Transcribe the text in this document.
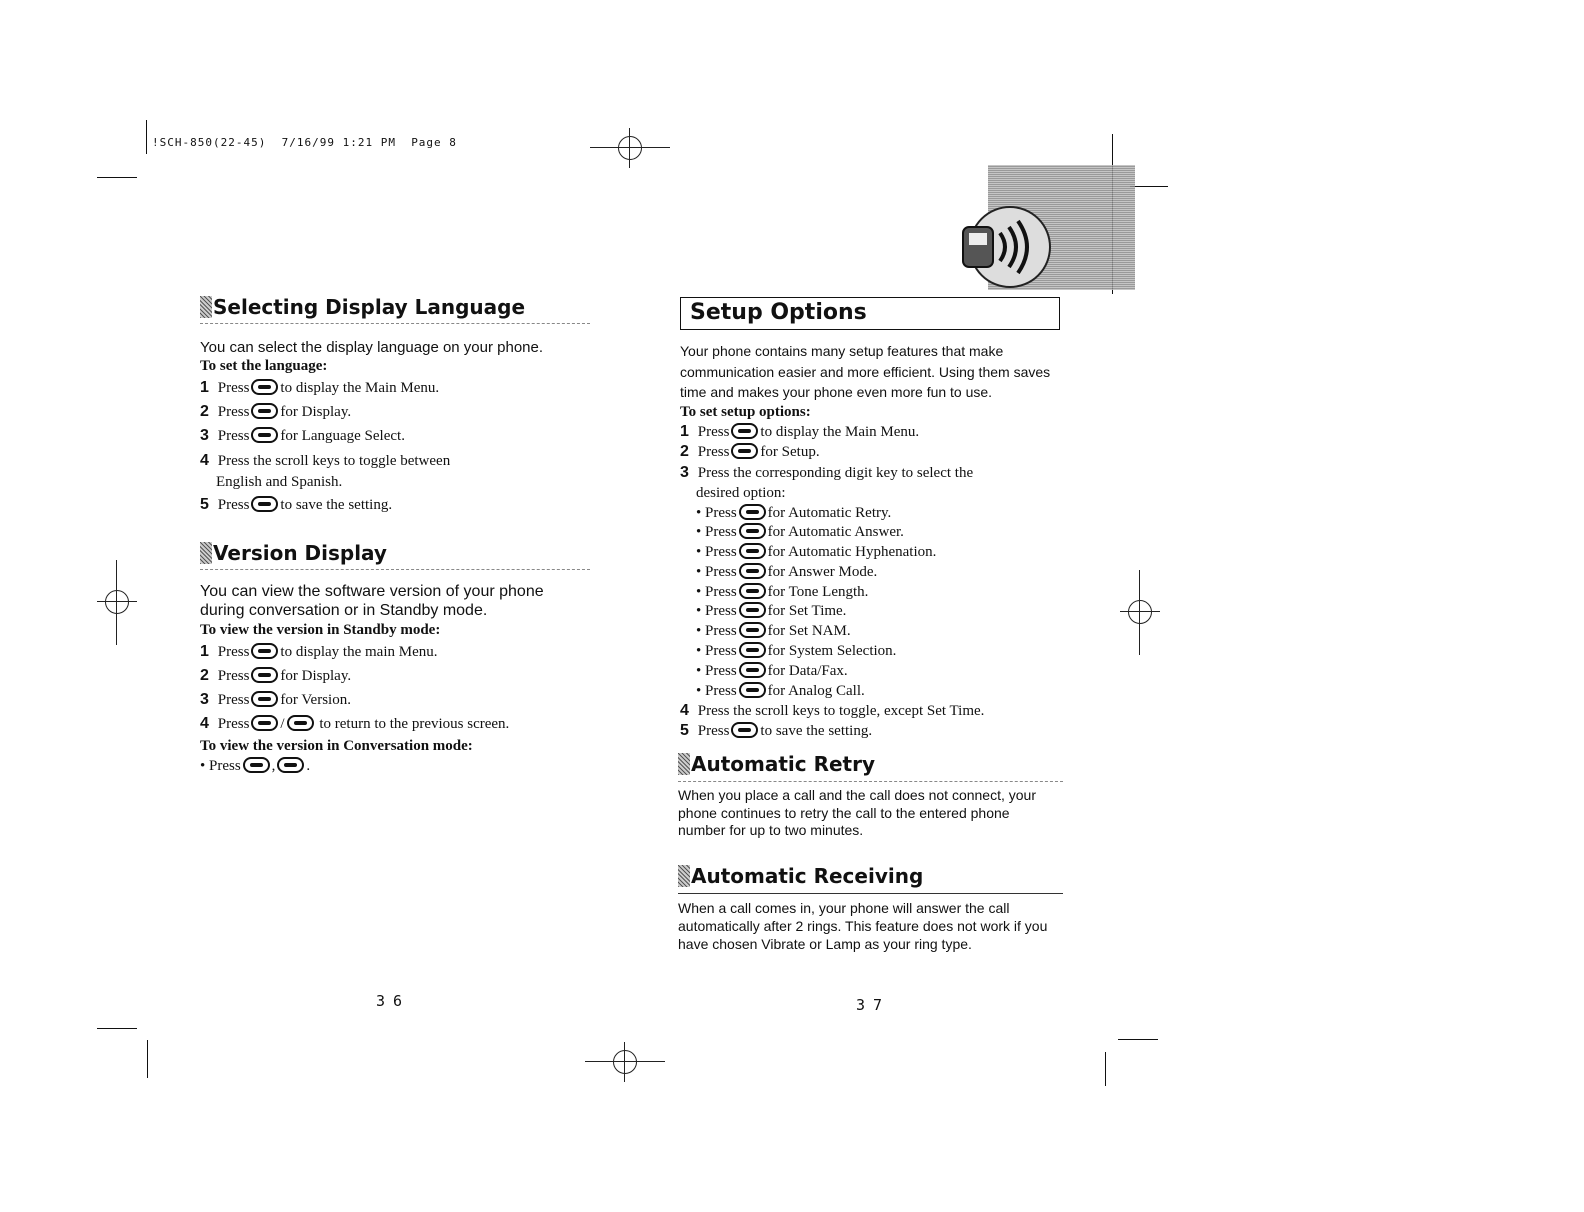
!SCH-850(22-45) 7/16/99 1:21 PM Page 8
Selecting Display Language

You can select the display language on your phone.

To set the language:

1 Press to display the Main Menu.

2 Press for Display.

3 Press for Language Select.

4 Press the scroll keys to toggle between
English and Spanish.

5 Press to save the setting.

Version Display

You can view the software version of your phone during conversation or in Standby mode.

To view the version in Standby mode:

1 Press to display the main Menu.

2 Press for Display.

3 Press for Version.

4 Press / to return to the previous screen.

To view the version in Conversation mode:

• Press , .

36
Setup Options

Your phone contains many setup features that make communication easier and more efficient. Using them saves time and makes your phone even more fun to use.

To set setup options:

1 Press to display the Main Menu.

2 Press for Setup.

3 Press the corresponding digit key to select the
desired option:

• Press for Automatic Retry.

• Press for Automatic Answer.

• Press for Automatic Hyphenation.

• Press for Answer Mode.

• Press for Tone Length.

• Press for Set Time.

• Press for Set NAM.

• Press for System Selection.

• Press for Data/Fax.

• Press for Analog Call.

4 Press the scroll keys to toggle, except Set Time.

5 Press to save the setting.

Automatic Retry

When you place a call and the call does not connect, your phone continues to retry the call to the entered phone number for up to two minutes.

Automatic Receiving

When a call comes in, your phone will answer the call automatically after 2 rings. This feature does not work if you have chosen Vibrate or Lamp as your ring type.

37
